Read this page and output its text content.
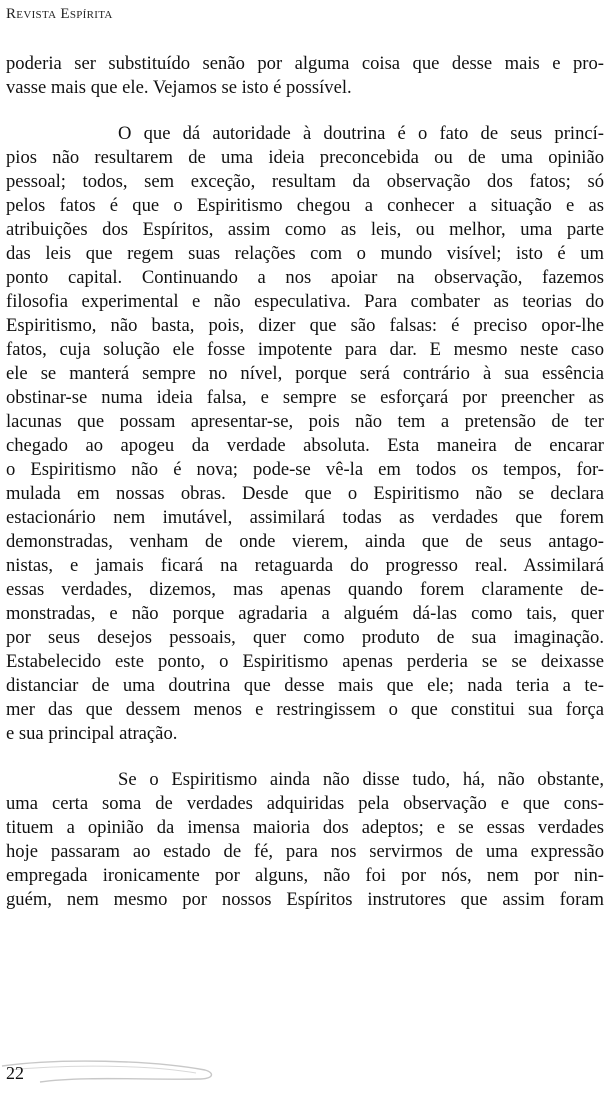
Revista Espírita

poderia ser substituído senão por alguma coisa que desse mais e pro-
vasse mais que ele. Vejamos se isto é possível.

O que dá autoridade à doutrina é o fato de seus princí-
pios não resultarem de uma ideia preconcebida ou de uma opinião
pessoal; todos, sem exceção, resultam da observação dos fatos; só
pelos fatos é que o Espiritismo chegou a conhecer a situação e as
atribuições dos Espíritos, assim como as leis, ou melhor, uma parte
das leis que regem suas relações com o mundo visível; isto é um
ponto capital. Continuando a nos apoiar na observação, fazemos
filosofia experimental e não especulativa. Para combater as teorias do
Espiritismo, não basta, pois, dizer que são falsas: é preciso opor-lhe
fatos, cuja solução ele fosse impotente para dar. E mesmo neste caso
ele se manterá sempre no nível, porque será contrário à sua essência
obstinar-se numa ideia falsa, e sempre se esforçará por preencher as
lacunas que possam apresentar-se, pois não tem a pretensão de ter
chegado ao apogeu da verdade absoluta. Esta maneira de encarar
o Espiritismo não é nova; pode-se vê-la em todos os tempos, for-
mulada em nossas obras. Desde que o Espiritismo não se declara
estacionário nem imutável, assimilará todas as verdades que forem
demonstradas, venham de onde vierem, ainda que de seus antago-
nistas, e jamais ficará na retaguarda do progresso real. Assimilará
essas verdades, dizemos, mas apenas quando forem claramente de-
monstradas, e não porque agradaria a alguém dá-las como tais, quer
por seus desejos pessoais, quer como produto de sua imaginação.
Estabelecido este ponto, o Espiritismo apenas perderia se se deixasse
distanciar de uma doutrina que desse mais que ele; nada teria a te-
mer das que dessem menos e restringissem o que constitui sua força
e sua principal atração.

Se o Espiritismo ainda não disse tudo, há, não obstante,
uma certa soma de verdades adquiridas pela observação e que cons-
tituem a opinião da imensa maioria dos adeptos; e se essas verdades
hoje passaram ao estado de fé, para nos servirmos de uma expressão
empregada ironicamente por alguns, não foi por nós, nem por nin-
guém, nem mesmo por nossos Espíritos instrutores que assim foram

22
